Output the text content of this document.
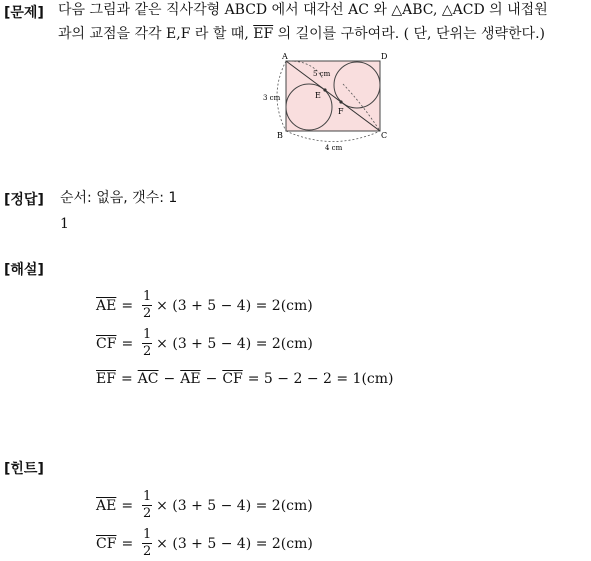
[문제] 다음 그림과 같은 직사각형 ABCD 에서 대각선 AC 와 △ABC, △ACD 의 내접원
과의 교점을 각각 E,F 라 할 때, $\overline{EF}$ 의 길이를 구하여라. ( 단, 단위는 생략한다.)
A	D
B	C
E
F
5 cm
3 cm
4 cm
[정답] 순서: 없음, 갯수: 1
1
[해설]
$\overline{AE} = \frac{1}{2} \times (3 + 5 - 4) = 2(cm)$
$\overline{CF} = \frac{1}{2} \times (3 + 5 - 4) = 2(cm)$
$\overline{EF} = \overline{AC} - \overline{AE} - \overline{CF} = 5 - 2 - 2 = 1(cm)$
[힌트]
$\overline{AE} = \frac{1}{2} \times (3 + 5 - 4) = 2(cm)$
$\overline{CF} = \frac{1}{2} \times (3 + 5 - 4) = 2(cm)$
